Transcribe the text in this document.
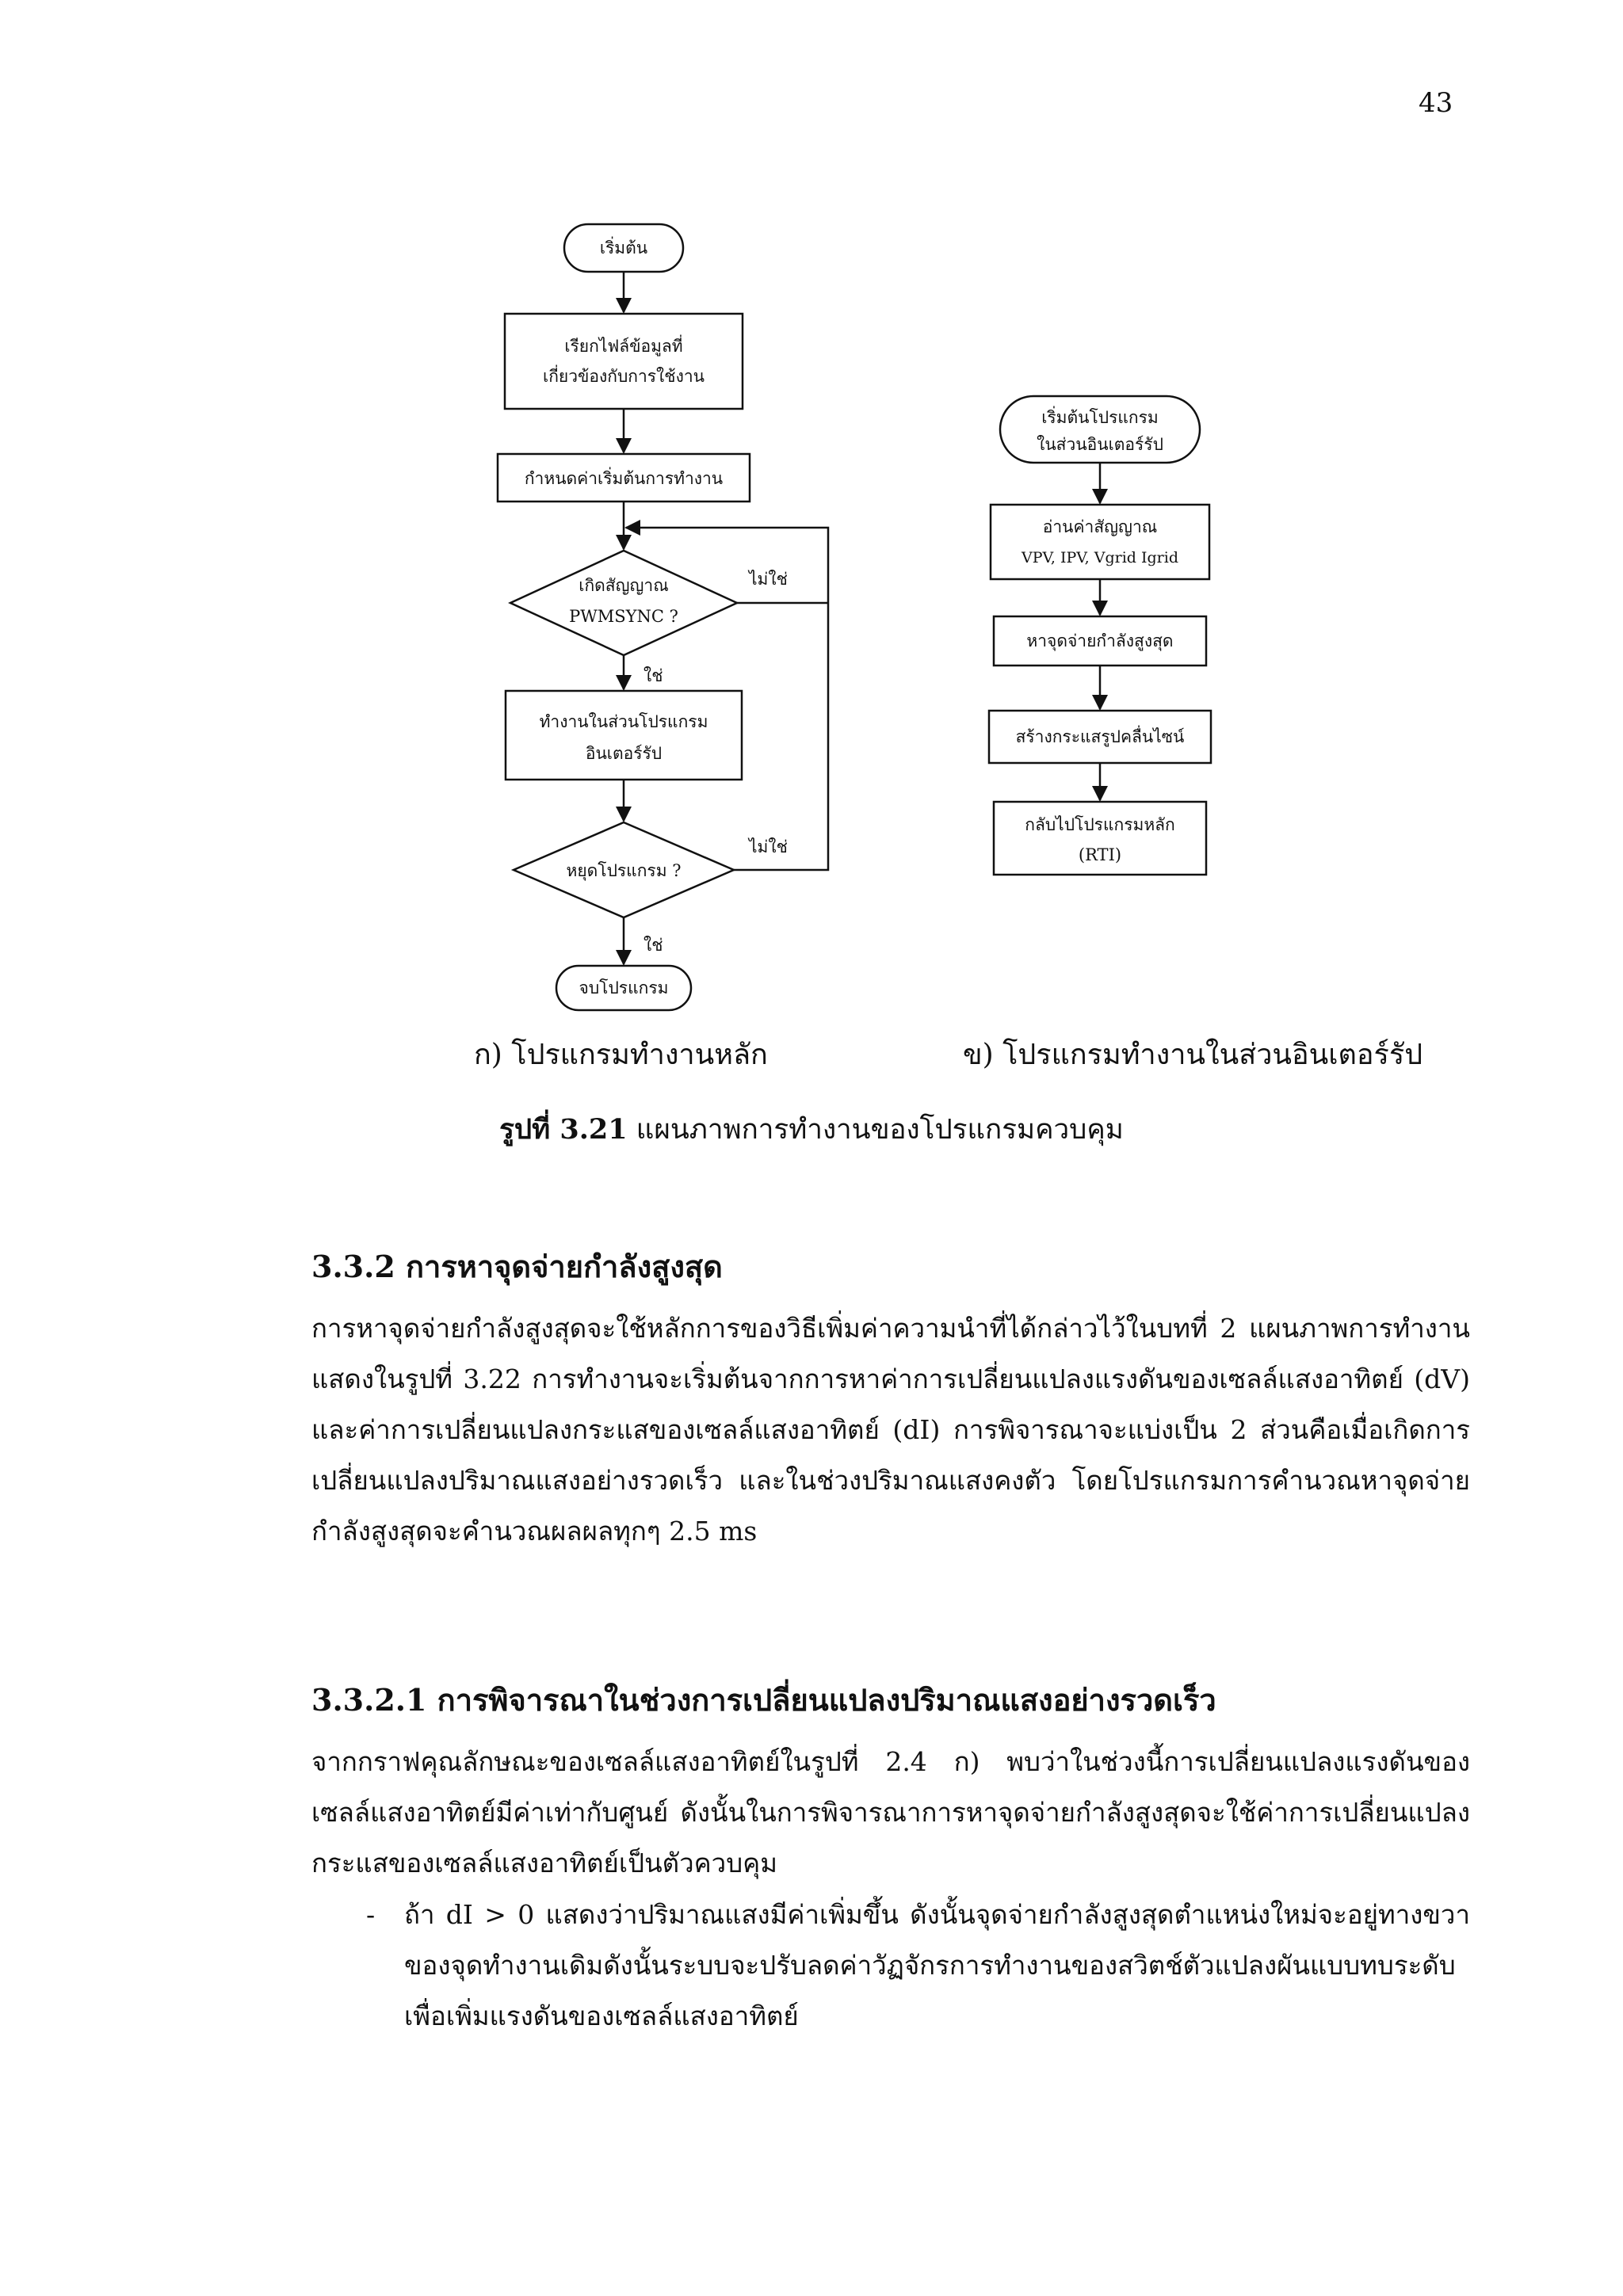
43
เริ่มต้น
เรียกไฟล์ข้อมูลที่
เกี่ยวข้องกับการใช้งาน
กำหนดค่าเริ่มต้นการทำงาน
เกิดสัญญาณ
PWMSYNC ?
ใช่
ทำงานในส่วนโปรแกรม
อินเตอร์รัป
หยุดโปรแกรม ?
ใช่
จบโปรแกรม
ไม่ใช่
ไม่ใช่
เริ่มต้นโปรแกรม
ในส่วนอินเตอร์รัป
อ่านค่าสัญญาณ
VPV, IPV, Vgrid Igrid
หาจุดจ่ายกำลังสูงสุด
สร้างกระแสรูปคลื่นไซน์
กลับไปโปรแกรมหลัก
(RTI)
ก) โปรแกรมทำงานหลัก	ข) โปรแกรมทำงานในส่วนอินเตอร์รัป
รูปที่ 3.21 แผนภาพการทำงานของโปรแกรมควบคุม
3.3.2 การหาจุดจ่ายกำลังสูงสุด
การหาจุดจ่ายกำลังสูงสุดจะใช้หลักการของวิธีเพิ่มค่าความนำที่ได้กล่าวไว้ในบทที่ 2 แผนภาพการทำงานแสดงในรูปที่ 3.22 การทำงานจะเริ่มต้นจากการหาค่าการเปลี่ยนแปลงแรงดันของเซลล์แสงอาทิตย์ (dV) และค่าการเปลี่ยนแปลงกระแสของเซลล์แสงอาทิตย์ (dI) การพิจารณาจะแบ่งเป็น 2 ส่วนคือเมื่อเกิดการเปลี่ยนแปลงปริมาณแสงอย่างรวดเร็ว และในช่วงปริมาณแสงคงตัว โดยโปรแกรมการคำนวณหาจุดจ่ายกำลังสูงสุดจะคำนวณผลผลทุกๆ 2.5 ms
3.3.2.1 การพิจารณาในช่วงการเปลี่ยนแปลงปริมาณแสงอย่างรวดเร็ว
จากกราฟคุณลักษณะของเซลล์แสงอาทิตย์ในรูปที่ 2.4 ก) พบว่าในช่วงนี้การเปลี่ยนแปลงแรงดันของเซลล์แสงอาทิตย์มีค่าเท่ากับศูนย์ ดังนั้นในการพิจารณาการหาจุดจ่ายกำลังสูงสุดจะใช้ค่าการเปลี่ยนแปลงกระแสของเซลล์แสงอาทิตย์เป็นตัวควบคุม
- ถ้า dI > 0 แสดงว่าปริมาณแสงมีค่าเพิ่มขึ้น ดังนั้นจุดจ่ายกำลังสูงสุดตำแหน่งใหม่จะอยู่ทางขวาของจุดทำงานเดิมดังนั้นระบบจะปรับลดค่าวัฏจักรการทำงานของสวิตช์ตัวแปลงผันแบบทบระดับเพื่อเพิ่มแรงดันของเซลล์แสงอาทิตย์
